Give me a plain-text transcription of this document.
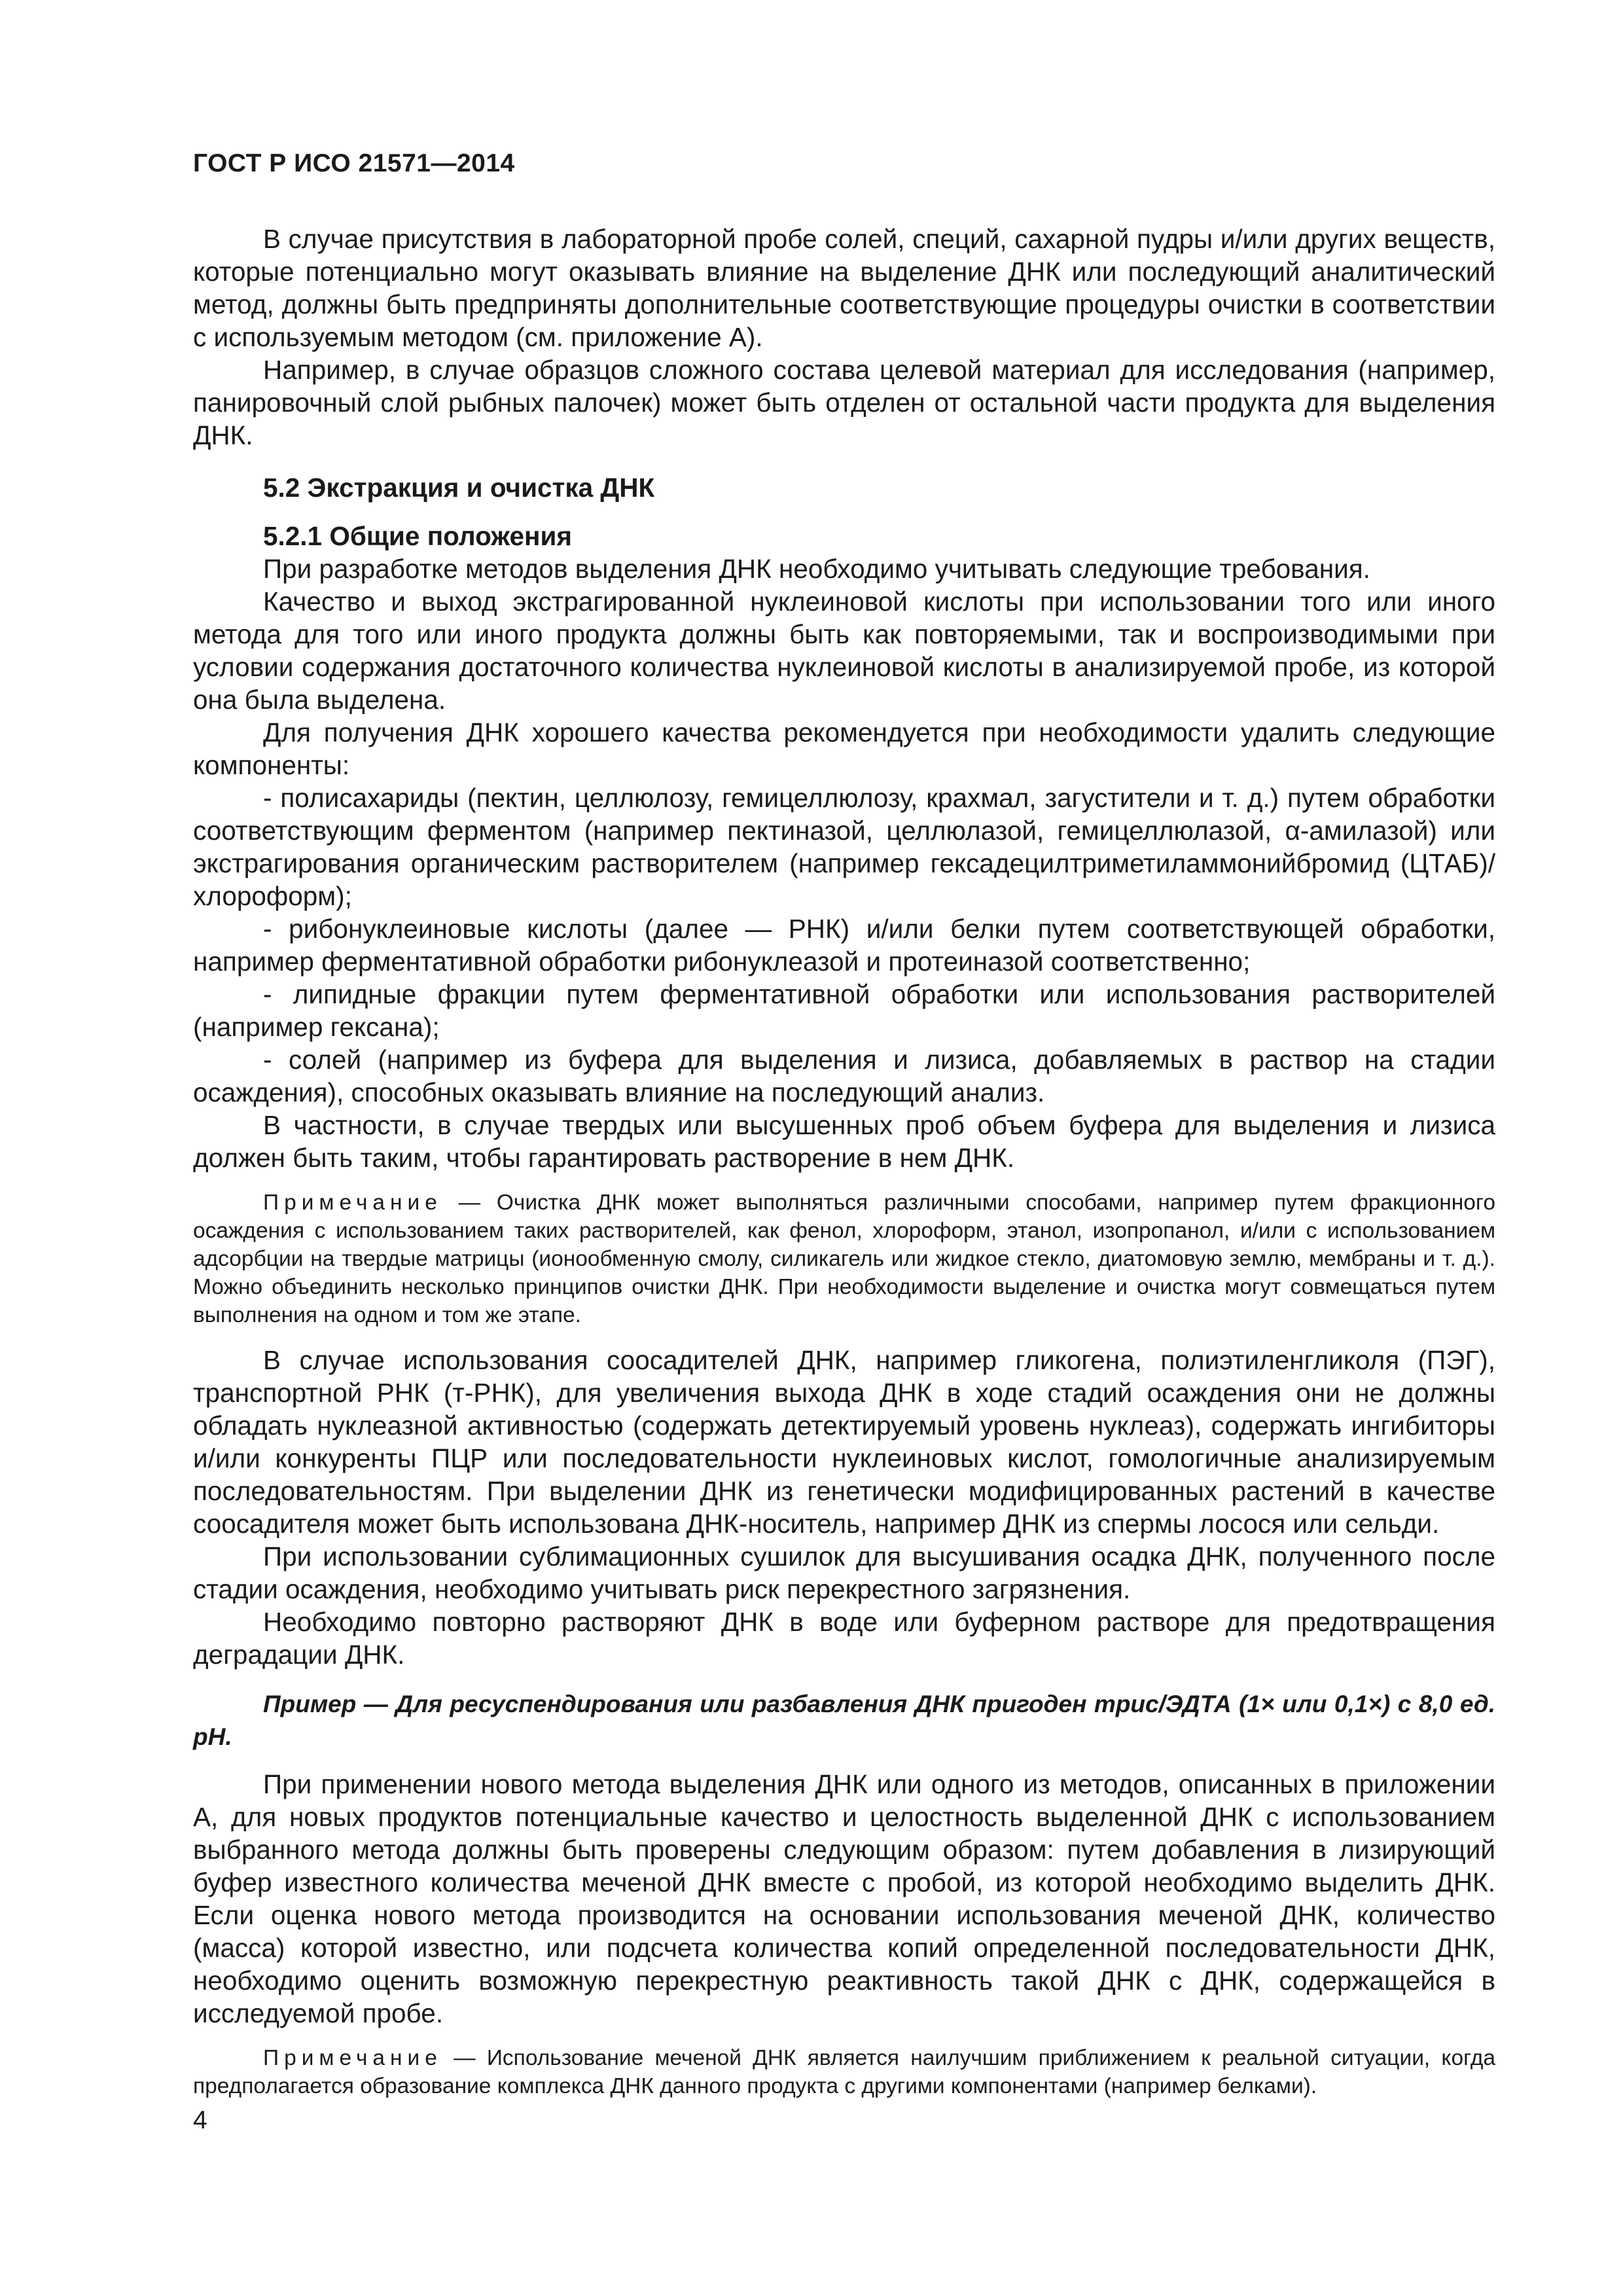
ГОСТ Р ИСО 21571—2014

В случае присутствия в лабораторной пробе солей, специй, сахарной пудры и/или других веществ, которые потенциально могут оказывать влияние на выделение ДНК или последующий аналитический метод, должны быть предприняты дополнительные соответствующие процедуры очистки в соответствии с используемым методом (см. приложение А).

Например, в случае образцов сложного состава целевой материал для исследования (например, панировочный слой рыбных палочек) может быть отделен от остальной части продукта для выделения ДНК.

5.2 Экстракция и очистка ДНК
5.2.1 Общие положения

При разработке методов выделения ДНК необходимо учитывать следующие требования.

Качество и выход экстрагированной нуклеиновой кислоты при использовании того или иного метода для того или иного продукта должны быть как повторяемыми, так и воспроизводимыми при условии содержания достаточного количества нуклеиновой кислоты в анализируемой пробе, из которой она была выделена.

Для получения ДНК хорошего качества рекомендуется при необходимости удалить следующие компоненты:

- полисахариды (пектин, целлюлозу, гемицеллюлозу, крахмал, загустители и т. д.) путем обработки соответствующим ферментом (например пектиназой, целлюлазой, гемицеллюлазой, α-амилазой) или экстрагирования органическим растворителем (например гексадецилтриметиламмонийбромид (ЦТАБ)/хлороформ);

- рибонуклеиновые кислоты (далее — РНК) и/или белки путем соответствующей обработки, например ферментативной обработки рибонуклеазой и протеиназой соответственно;

- липидные фракции путем ферментативной обработки или использования растворителей (например гексана);

- солей (например из буфера для выделения и лизиса, добавляемых в раствор на стадии осаждения), способных оказывать влияние на последующий анализ.

В частности, в случае твердых или высушенных проб объем буфера для выделения и лизиса должен быть таким, чтобы гарантировать растворение в нем ДНК.

Примечание — Очистка ДНК может выполняться различными способами, например путем фракционного осаждения с использованием таких растворителей, как фенол, хлороформ, этанол, изопропанол, и/или с использованием адсорбции на твердые матрицы (ионообменную смолу, силикагель или жидкое стекло, диатомовую землю, мембраны и т. д.). Можно объединить несколько принципов очистки ДНК. При необходимости выделение и очистка могут совмещаться путем выполнения на одном и том же этапе.

В случае использования соосадителей ДНК, например гликогена, полиэтиленгликоля (ПЭГ), транспортной РНК (т-РНК), для увеличения выхода ДНК в ходе стадий осаждения они не должны обладать нуклеазной активностью (содержать детектируемый уровень нуклеаз), содержать ингибиторы и/или конкуренты ПЦР или последовательности нуклеиновых кислот, гомологичные анализируемым последовательностям. При выделении ДНК из генетически модифицированных растений в качестве соосадителя может быть использована ДНК-носитель, например ДНК из спермы лосося или сельди.

При использовании сублимационных сушилок для высушивания осадка ДНК, полученного после стадии осаждения, необходимо учитывать риск перекрестного загрязнения.

Необходимо повторно растворяют ДНК в воде или буферном растворе для предотвращения деградации ДНК.

Пример — Для ресуспендирования или разбавления ДНК пригоден трис/ЭДТА (1× или 0,1×) с 8,0 ед. рН.

При применении нового метода выделения ДНК или одного из методов, описанных в приложении А, для новых продуктов потенциальные качество и целостность выделенной ДНК с использованием выбранного метода должны быть проверены следующим образом: путем добавления в лизирующий буфер известного количества меченой ДНК вместе с пробой, из которой необходимо выделить ДНК. Если оценка нового метода производится на основании использования меченой ДНК, количество (масса) которой известно, или подсчета количества копий определенной последовательности ДНК, необходимо оценить возможную перекрестную реактивность такой ДНК с ДНК, содержащейся в исследуемой пробе.

Примечание — Использование меченой ДНК является наилучшим приближением к реальной ситуации, когда предполагается образование комплекса ДНК данного продукта с другими компонентами (например белками).

4
